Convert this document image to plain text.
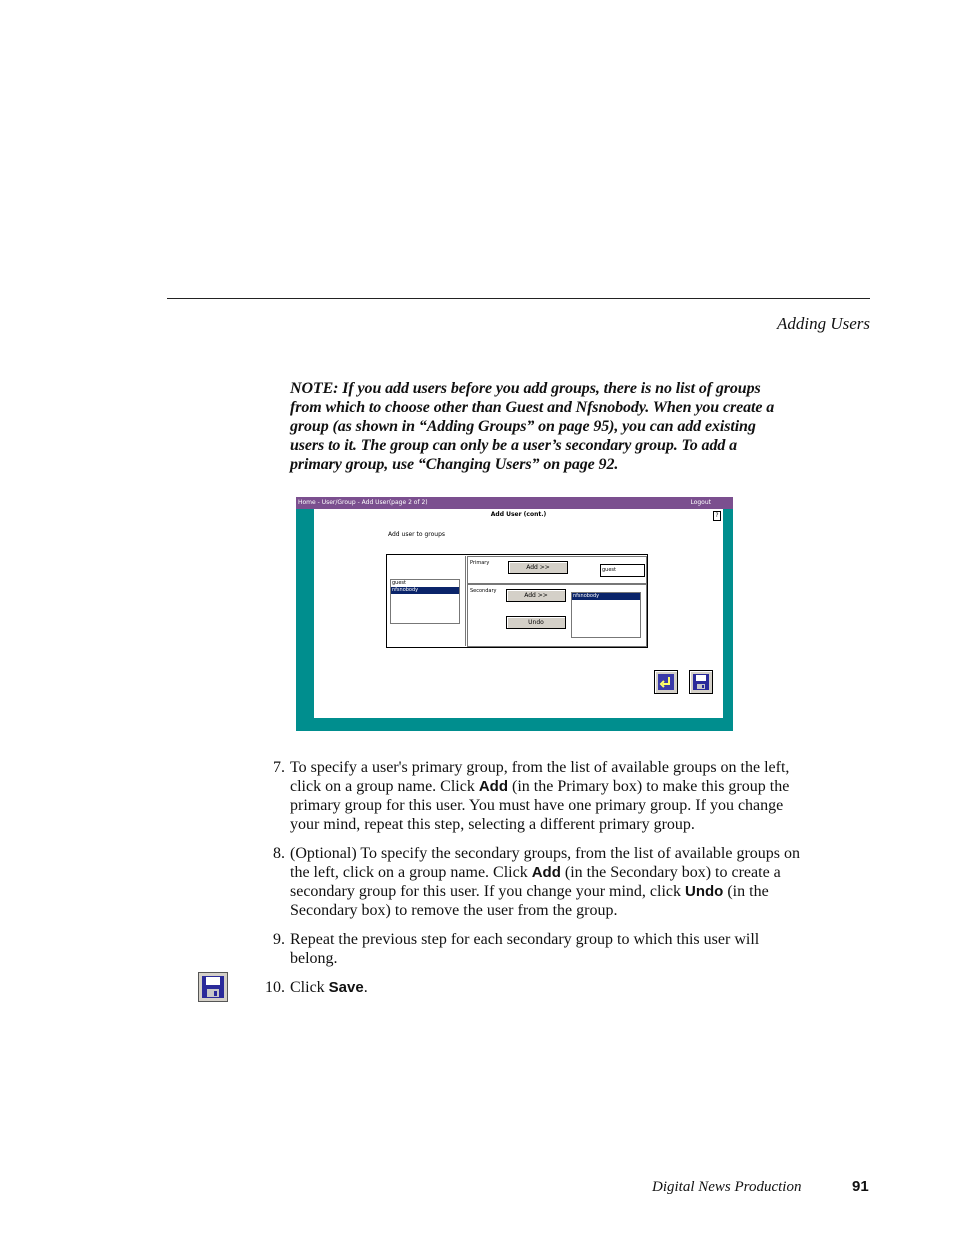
Adding Users
NOTE: If you add users before you add groups, there is no list of groups from which to choose other than Guest and Nfsnobody. When you create a group (as shown in “Adding Groups” on page 95), you can add existing users to it. The group can only be a user’s secondary group. To add a primary group, use “Changing Users” on page 92.
Home - User/Group - Add User(page 2 of 2)	Logout
Add User (cont.)	?
Add user to groups
guest
nfsnobody
Primary
Add >>	guest
Secondary
Add >>
Undo
nfsnobody
7. To specify a user's primary group, from the list of available groups on the left, click on a group name. Click Add (in the Primary box) to make this group the primary group for this user. You must have one primary group. If you change your mind, repeat this step, selecting a different primary group.
8. (Optional) To specify the secondary groups, from the list of available groups on the left, click on a group name. Click Add (in the Secondary box) to create a secondary group for this user. If you change your mind, click Undo (in the Secondary box) to remove the user from the group.
9. Repeat the previous step for each secondary group to which this user will belong.
10. Click Save.
Digital News Production	91
